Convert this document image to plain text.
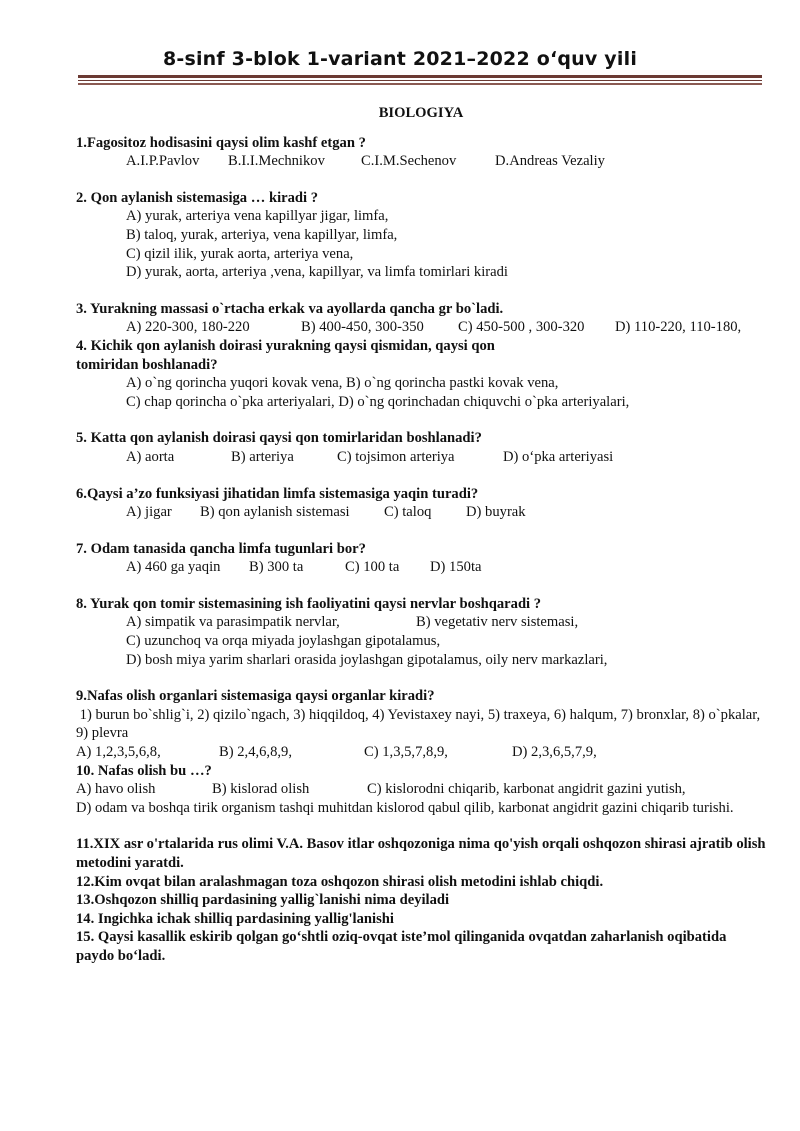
8-sinf 3-blok 1-variant 2021–2022 oʻquv yili
BIOLOGIYA
1.Fagositoz hodisasini qaysi olim kashf etgan ?
A.I.P.Pavlov B.I.I.Mechnikov C.I.M.Sechenov	D.Andreas Vezaliy
2. Qon aylanish sistemasiga … kiradi ?
A) yurak, arteriya vena kapillyar jigar, limfa,
B) taloq, yurak, arteriya, vena kapillyar, limfa,
C) qizil ilik, yurak aorta, arteriya vena,
D) yurak, aorta, arteriya ,vena, kapillyar, va limfa tomirlari kiradi
3. Yurakning massasi o`rtacha erkak va ayollarda qancha gr bo`ladi.
A) 220-300, 180-220	B) 400-450, 300-350 C) 450-500 , 300-320 D) 110-220, 110-180,
4. Kichik qon aylanish doirasi yurakning qaysi qismidan, qaysi qon
tomiridan boshlanadi?
A) o`ng qorincha yuqori kovak vena, B) o`ng qorincha pastki kovak vena,
C) chap qorincha o`pka arteriyalari, D) o`ng qorinchadan chiquvchi o`pka arteriyalari,
5. Katta qon aylanish doirasi qaysi qon tomirlaridan boshlanadi?
A) aorta	B) arteriya	C) tojsimon arteriya	D) o‘pka arteriyasi
6.Qaysi a’zo funksiyasi jihatidan limfa sistemasiga yaqin turadi?
A) jigar B) qon aylanish sistemasi C) taloq D) buyrak
7. Odam tanasida qancha limfa tugunlari bor?
A) 460 ga yaqin B) 300 ta	C) 100 ta D) 150ta
8. Yurak qon tomir sistemasining ish faoliyatini qaysi nervlar boshqaradi ?
A) simpatik va parasimpatik nervlar,	B) vegetativ nerv sistemasi,
C) uzunchoq va orqa miyada joylashgan gipotalamus,
D) bosh miya yarim sharlari orasida joylashgan gipotalamus, oily nerv markazlari,
9.Nafas olish organlari sistemasiga qaysi organlar kiradi?
1) burun bo`shlig`i, 2) qizilo`ngach, 3) hiqqildoq, 4) Yevistaxey nayi, 5) traxeya, 6) halqum, 7) bronxlar, 8) o`pkalar, 9) plevra
A) 1,2,3,5,6,8,	B) 2,4,6,8,9,	C) 1,3,5,7,8,9,	D) 2,3,6,5,7,9,
10. Nafas olish bu …?
A) havo olish	B) kislorad olish	C) kislorodni chiqarib, karbonat angidrit gazini yutish,
D) odam va boshqa tirik organism tashqi muhitdan kislorod qabul qilib, karbonat angidrit gazini chiqarib turishi.
11.XIX asr o'rtalarida rus olimi V.A. Basov itlar oshqozoniga nima qo'yish orqali oshqozon shirasi ajratib olish metodini yaratdi.
12.Kim ovqat bilan aralashmagan toza oshqozon shirasi olish metodini ishlab chiqdi.
13.Oshqozon shilliq pardasining yallig`lanishi nima deyiladi
14. Ingichka ichak shilliq pardasining yallig'lanishi
15. Qaysi kasallik eskirib qolgan go‘shtli oziq-ovqat iste’mol qilinganida ovqatdan zaharlanish oqibatida paydo bo‘ladi.
